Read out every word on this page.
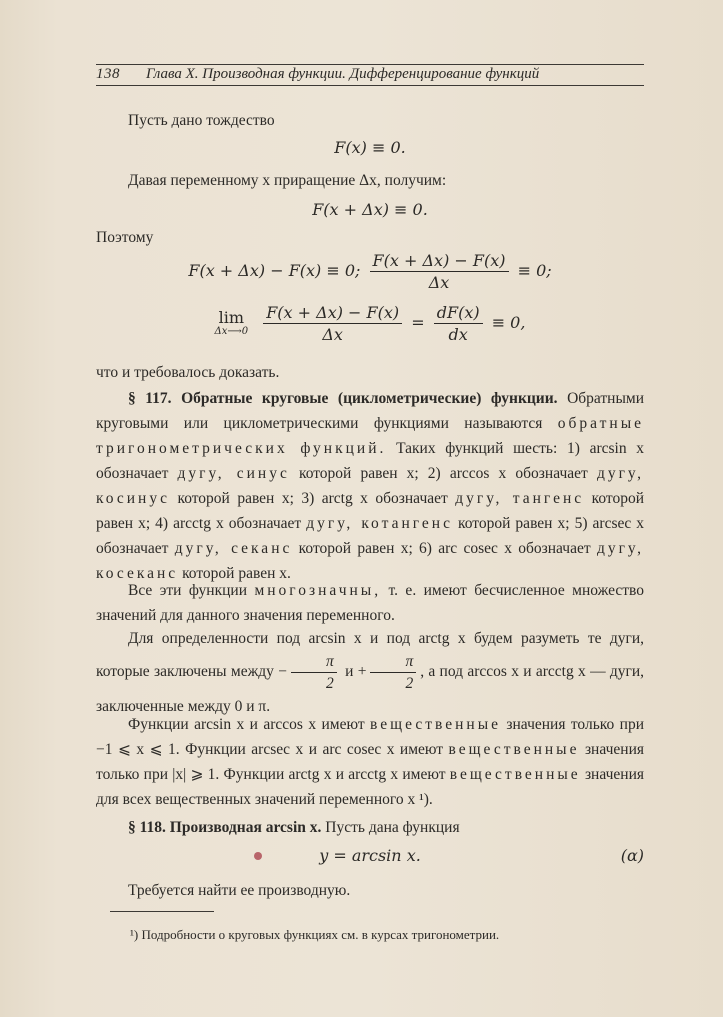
138 Глава X. Производная функции. Дифференцирование функций

Пусть дано тождество

F(x) ≡ 0.

Давая переменному x приращение Δx, получим:

F(x + Δx) ≡ 0.

Поэтому

F(x + Δx) − F(x) ≡ 0; $\frac{F(x + \Delta x) - F(x)}{\Delta x} \equiv 0$;
lim
Δx⟶0
$\frac{F(x + \Delta x) - F(x)}{\Delta x} = \frac{dF(x)}{dx} \equiv 0$,

что и требовалось доказать.

§ 117. Обратные круговые (циклометрические) функции. Обратными круговыми или циклометрическими функциями называются обратные тригонометрических функций. Таких функций шесть: 1) arcsin x обозначает дугу, синус которой равен x; 2) arccos x обозначает дугу, косинус которой равен x; 3) arctg x обозначает дугу, тангенс которой равен x; 4) arcctg x обозначает дугу, котангенс которой равен x; 5) arcsec x обозначает дугу, секанс которой равен x; 6) arc cosec x обозначает дугу, косеканс которой равен x.

Все эти функции многозначны, т. е. имеют бесчисленное множество значений для данного значения переменного.

Для определенности под arcsin x и под arctg x будем разуметь те дуги, которые заключены между − $\frac{\pi}{2}$ $и + \frac{\pi}{2}$ , а под arccos x и arcctg x — дуги, заключенные между 0 и π.

Функции arcsin x и arccos x имеют вещественные значения только при −1 ⩽ x ⩽ 1. Функции arcsec x и arc cosec x имеют вещественные значения только при |x| ⩾ 1. Функции arctg x и arcctg x имеют вещественные значения для всех вещественных значений переменного x ¹).

§ 118. Производная arcsin x. Пусть дана функция

y = arcsin x.	(α)

Требуется найти ее производную.

¹) Подробности о круговых функциях см. в курсах тригонометрии.
